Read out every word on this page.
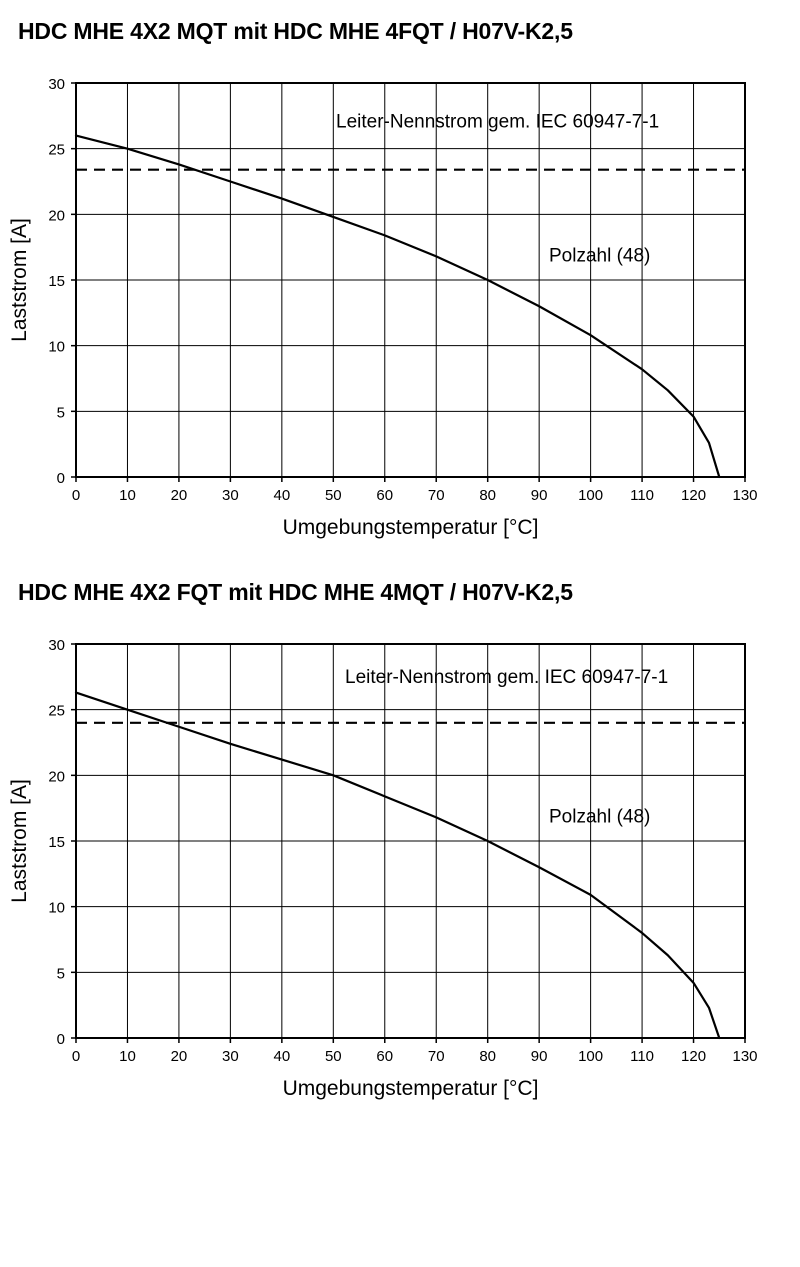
HDC MHE 4X2 MQT mit HDC MHE 4FQT / H07V-K2,5
0	10 20 30 40 50 60 70 80 90 100 110 120 130
0
5
10
15
20
25
30
Umgebungstemperatur [°C]
Laststrom [A]
Leiter-Nennstrom gem. IEC 60947-7-1
Polzahl (48)
HDC MHE 4X2 FQT mit HDC MHE 4MQT / H07V-K2,5
0	10 20 30 40 50 60 70 80 90 100 110 120 130
0
5
10
15
20
25
30
Umgebungstemperatur [°C]
Laststrom [A]
Leiter-Nennstrom gem. IEC 60947-7-1
Polzahl (48)
